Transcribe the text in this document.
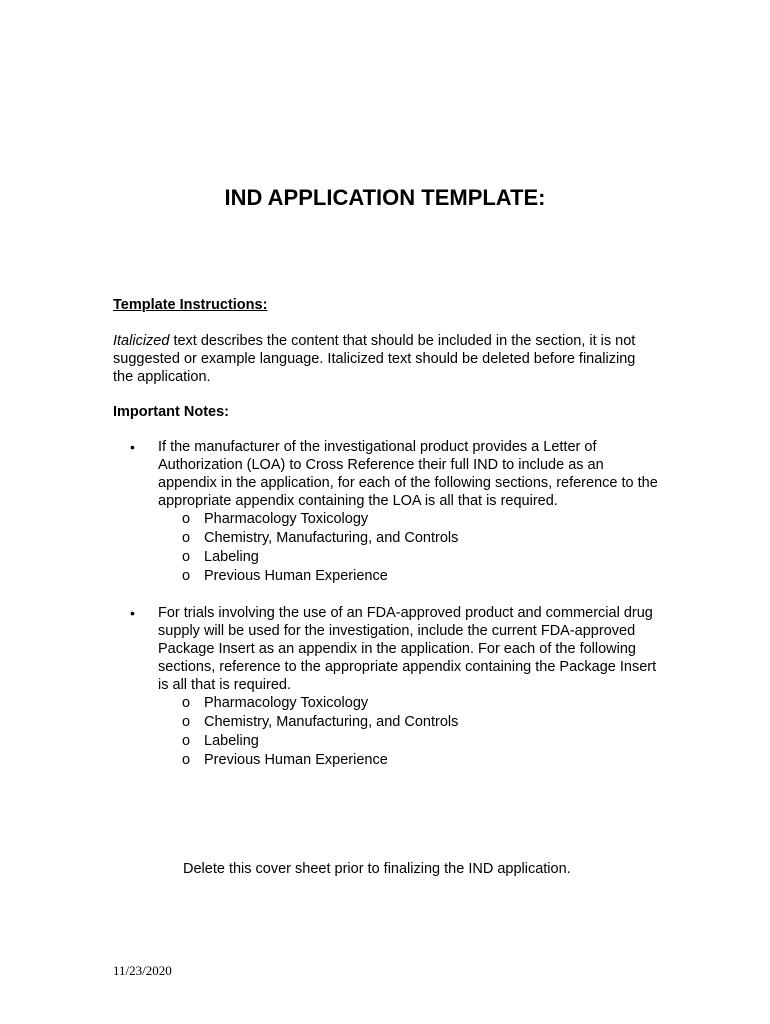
IND APPLICATION TEMPLATE:
Template Instructions:

Italicized text describes the content that should be included in the section, it is not suggested or example language. Italicized text should be deleted before finalizing the application.

Important Notes:
•	If the manufacturer of the investigational product provides a Letter of Authorization (LOA) to Cross Reference their full IND to include as an appendix in the application, for each of the following sections, reference to the appropriate appendix containing the LOA is all that is required.
o Pharmacology Toxicology
o Chemistry, Manufacturing, and Controls
o Labeling
o Previous Human Experience
•	For trials involving the use of an FDA-approved product and commercial drug supply will be used for the investigation, include the current FDA-approved Package Insert as an appendix in the application. For each of the following sections, reference to the appropriate appendix containing the Package Insert is all that is required.
o Pharmacology Toxicology
o Chemistry, Manufacturing, and Controls
o Labeling
o Previous Human Experience
Delete this cover sheet prior to finalizing the IND application.
11/23/2020
